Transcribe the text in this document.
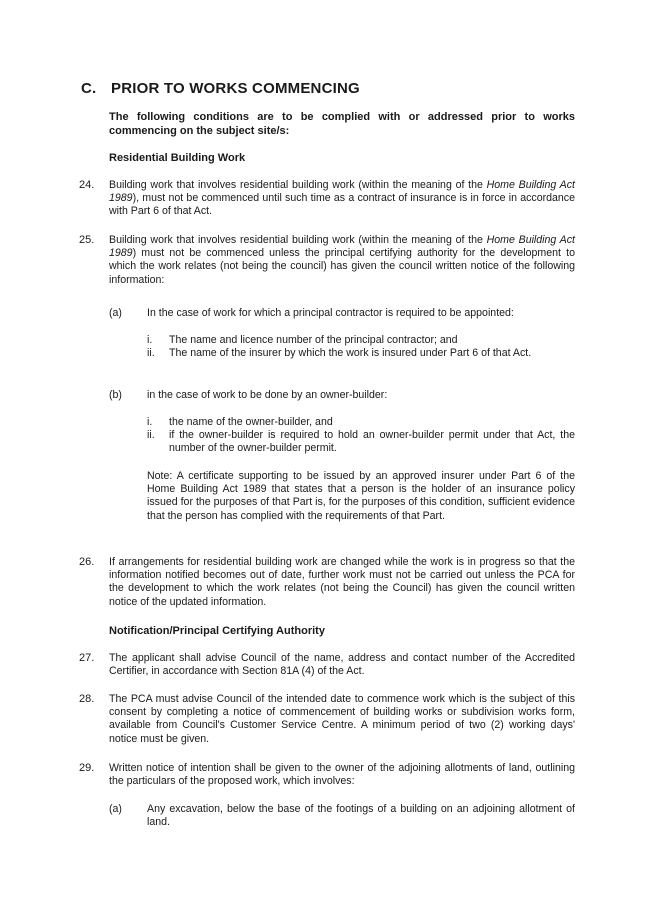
C. PRIOR TO WORKS COMMENCING
The following conditions are to be complied with or addressed prior to works commencing on the subject site/s:
Residential Building Work
24. Building work that involves residential building work (within the meaning of the Home Building Act 1989), must not be commenced until such time as a contract of insurance is in force in accordance with Part 6 of that Act.
25. Building work that involves residential building work (within the meaning of the Home Building Act 1989) must not be commenced unless the principal certifying authority for the development to which the work relates (not being the council) has given the council written notice of the following information:
(a) In the case of work for which a principal contractor is required to be appointed:
i.	The name and licence number of the principal contractor; and
ii.	The name of the insurer by which the work is insured under Part 6 of that Act.
(b) in the case of work to be done by an owner-builder:
i.	the name of the owner-builder, and
ii.	if the owner-builder is required to hold an owner-builder permit under that Act, the number of the owner-builder permit.
Note: A certificate supporting to be issued by an approved insurer under Part 6 of the Home Building Act 1989 that states that a person is the holder of an insurance policy issued for the purposes of that Part is, for the purposes of this condition, sufficient evidence that the person has complied with the requirements of that Part.
26. If arrangements for residential building work are changed while the work is in progress so that the information notified becomes out of date, further work must not be carried out unless the PCA for the development to which the work relates (not being the Council) has given the council written notice of the updated information.
Notification/Principal Certifying Authority
27. The applicant shall advise Council of the name, address and contact number of the Accredited Certifier, in accordance with Section 81A (4) of the Act.
28. The PCA must advise Council of the intended date to commence work which is the subject of this consent by completing a notice of commencement of building works or subdivision works form, available from Council's Customer Service Centre. A minimum period of two (2) working days' notice must be given.
29. Written notice of intention shall be given to the owner of the adjoining allotments of land, outlining the particulars of the proposed work, which involves:
(a) Any excavation, below the base of the footings of a building on an adjoining allotment of land.
